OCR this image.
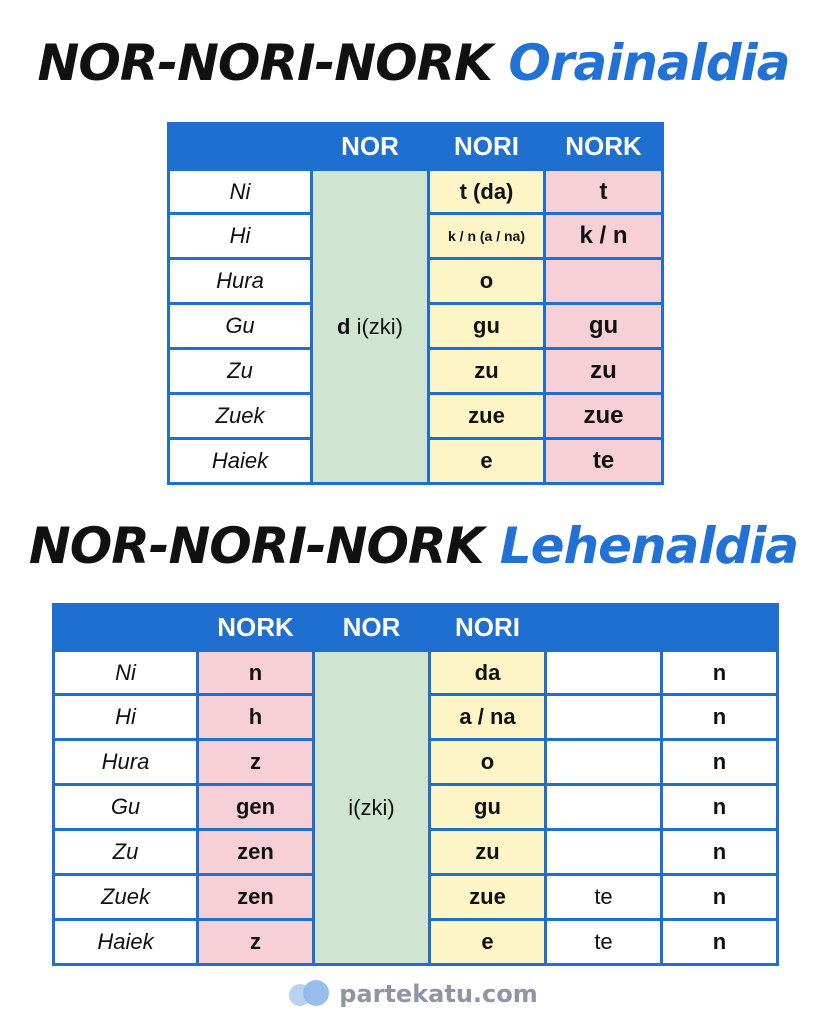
NOR-NORI-NORK Orainaldia
	NOR	NORI	NORK
Ni	d i(zki)	t (da)	t
Hi		k / n (a / na)	k / n
Hura		o	
Gu		gu	gu
Zu		zu	zu
Zuek		zue	zue
Haiek		e	te
NOR-NORI-NORK Lehenaldia
	NORK	NOR	NORI		
Ni	n	i(zki)	da		n
Hi	h		a / na		n
Hura	z		o		n
Gu	gen		gu		n
Zu	zen		zu		n
Zuek	zen		zue	te	n
Haiek	z		e	te	n
partekatu.com
